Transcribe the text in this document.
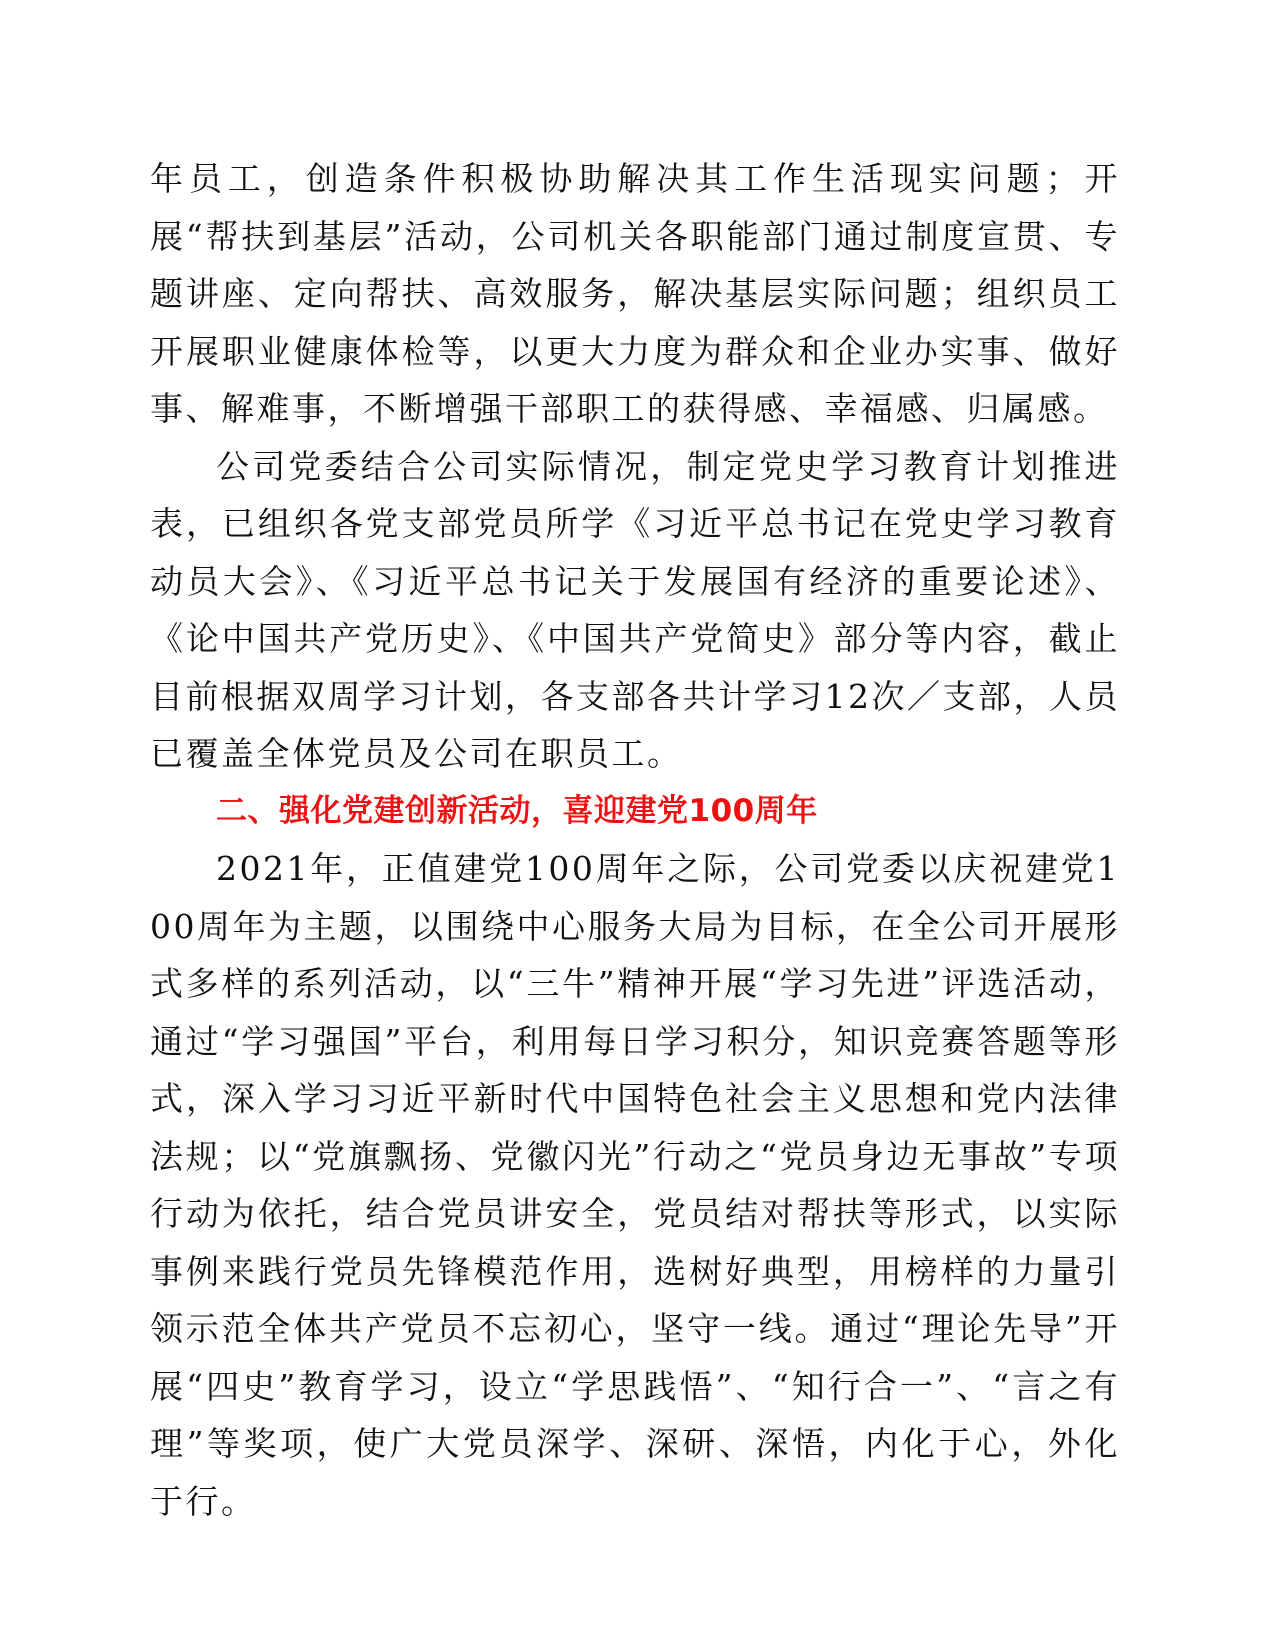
年员工，创造条件积极协助解决其工作生活现实问题；开展“帮扶到基层”活动，公司机关各职能部门通过制度宣贯、专题讲座、定向帮扶、高效服务，解决基层实际问题；组织员工开展职业健康体检等，以更大力度为群众和企业办实事、做好事、解难事，不断增强干部职工的获得感、幸福感、归属感。

公司党委结合公司实际情况，制定党史学习教育计划推进表，已组织各党支部党员所学《习近平总书记在党史学习教育动员大会》、《习近平总书记关于发展国有经济的重要论述》、《论中国共产党历史》、《中国共产党简史》部分等内容，截止目前根据双周学习计划，各支部各共计学习12次／支部，人员已覆盖全体党员及公司在职员工。

二、强化党建创新活动，喜迎建党100周年

2021年，正值建党100周年之际，公司党委以庆祝建党100周年为主题，以围绕中心服务大局为目标，在全公司开展形式多样的系列活动，以“三牛”精神开展“学习先进”评选活动，通过“学习强国”平台，利用每日学习积分，知识竞赛答题等形式，深入学习习近平新时代中国特色社会主义思想和党内法律法规；以“党旗飘扬、党徽闪光”行动之“党员身边无事故”专项行动为依托，结合党员讲安全，党员结对帮扶等形式，以实际事例来践行党员先锋模范作用，选树好典型，用榜样的力量引领示范全体共产党员不忘初心，坚守一线。通过“理论先导”开展“四史”教育学习，设立“学思践悟”、“知行合一”、“言之有理”等奖项，使广大党员深学、深研、深悟，内化于心，外化于行。
